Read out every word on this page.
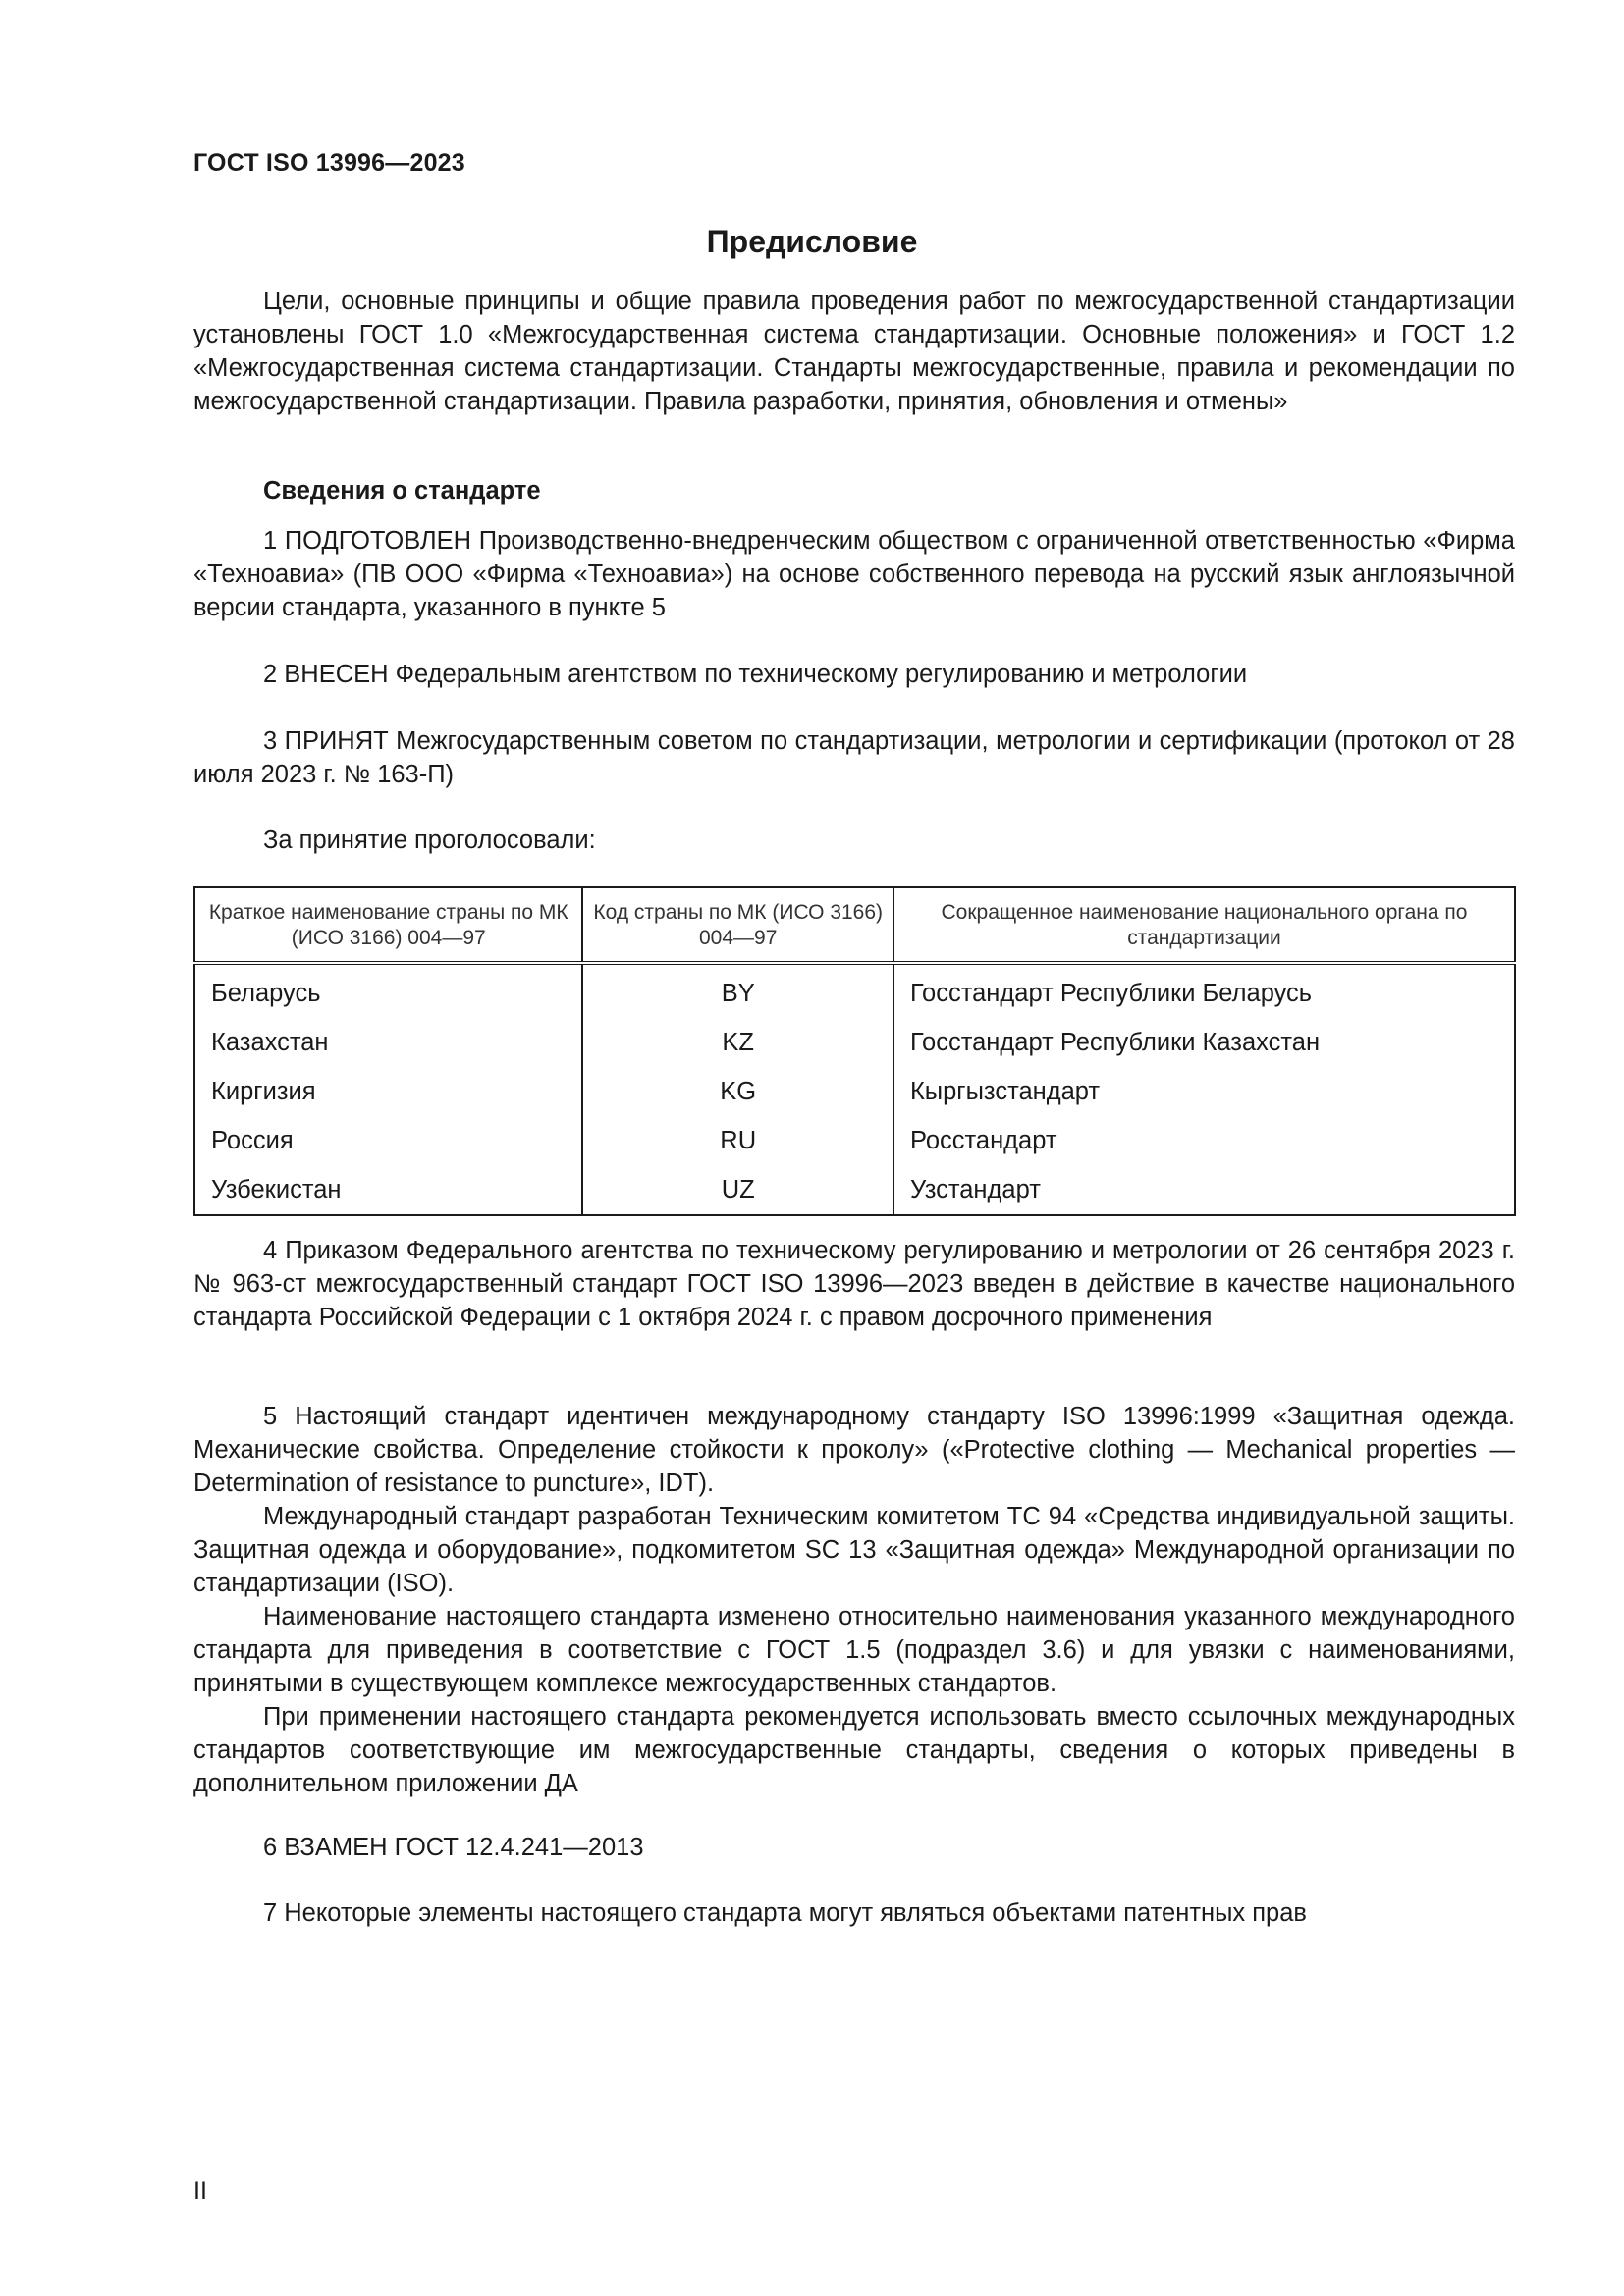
ГОСТ ISO 13996—2023
Предисловие

Цели, основные принципы и общие правила проведения работ по межгосударственной стандартизации установлены ГОСТ 1.0 «Межгосударственная система стандартизации. Основные положения» и ГОСТ 1.2 «Межгосударственная система стандартизации. Стандарты межгосударственные, правила и рекомендации по межгосударственной стандартизации. Правила разработки, принятия, обновления и отмены»

Сведения о стандарте

1 ПОДГОТОВЛЕН Производственно-внедренческим обществом с ограниченной ответственностью «Фирма «Техноавиа» (ПВ ООО «Фирма «Техноавиа») на основе собственного перевода на русский язык англоязычной версии стандарта, указанного в пункте 5

2 ВНЕСЕН Федеральным агентством по техническому регулированию и метрологии

3 ПРИНЯТ Межгосударственным советом по стандартизации, метрологии и сертификации (протокол от 28 июля 2023 г. № 163-П)

За принятие проголосовали:

Краткое наименование страны по МК (ИСО 3166) 004—97	Код страны по МК (ИСО 3166) 004—97	Сокращенное наименование национального органа по стандартизации
Беларусь	BY	Госстандарт Республики Беларусь
Казахстан	KZ	Госстандарт Республики Казахстан
Киргизия	KG	Кыргызстандарт
Россия	RU	Росстандарт
Узбекистан	UZ	Узстандарт

4 Приказом Федерального агентства по техническому регулированию и метрологии от 26 сентября 2023 г. № 963-ст межгосударственный стандарт ГОСТ ISO 13996—2023 введен в действие в качестве национального стандарта Российской Федерации с 1 октября 2024 г. с правом досрочного применения

5 Настоящий стандарт идентичен международному стандарту ISO 13996:1999 «Защитная одежда. Механические свойства. Определение стойкости к проколу» («Protective clothing — Mechanical properties — Determination of resistance to puncture», IDT).

Международный стандарт разработан Техническим комитетом ТС 94 «Средства индивидуальной защиты. Защитная одежда и оборудование», подкомитетом SC 13 «Защитная одежда» Международной организации по стандартизации (ISO).

Наименование настоящего стандарта изменено относительно наименования указанного международного стандарта для приведения в соответствие с ГОСТ 1.5 (подраздел 3.6) и для увязки с наименованиями, принятыми в существующем комплексе межгосударственных стандартов.

При применении настоящего стандарта рекомендуется использовать вместо ссылочных международных стандартов соответствующие им межгосударственные стандарты, сведения о которых приведены в дополнительном приложении ДА

6 ВЗАМЕН ГОСТ 12.4.241—2013

7 Некоторые элементы настоящего стандарта могут являться объектами патентных прав

II
